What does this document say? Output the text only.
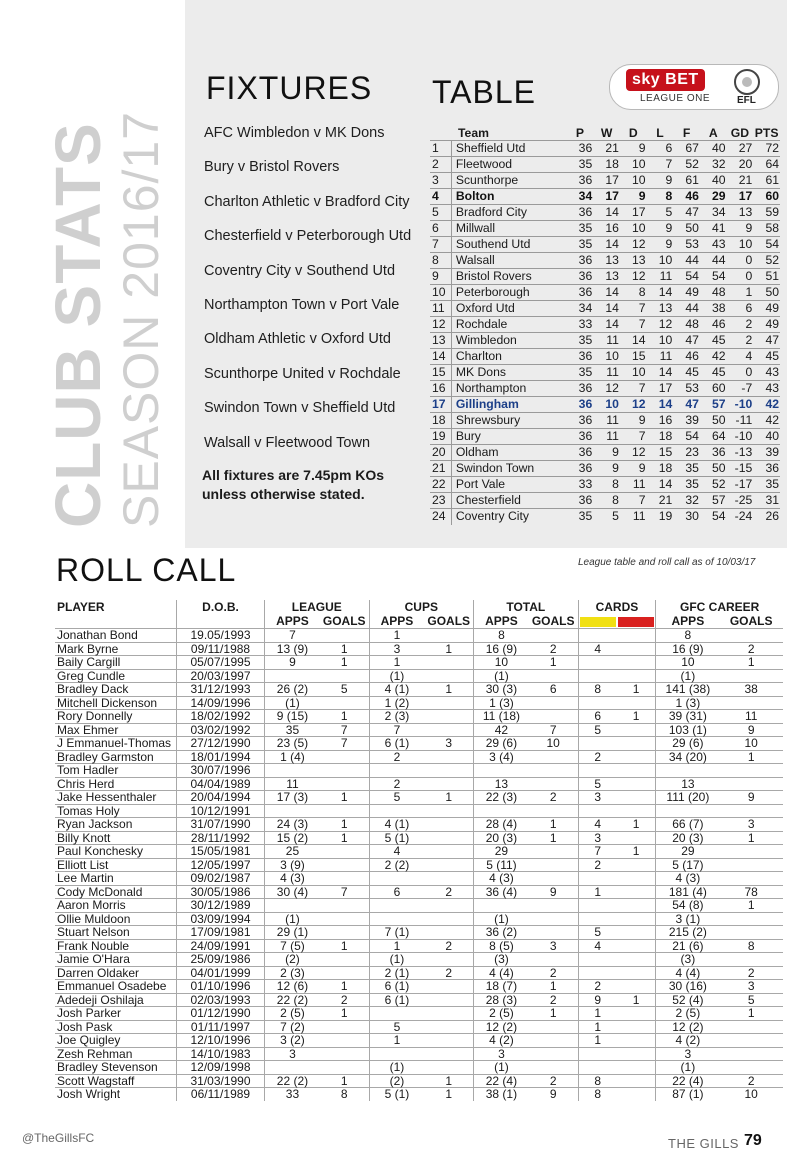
CLUB STATS SEASON 2016/17
FIXTURES
AFC Wimbledon v MK Dons
Bury v Bristol Rovers
Charlton Athletic v Bradford City
Chesterfield v Peterborough Utd
Coventry City v Southend Utd
Northampton Town v Port Vale
Oldham Athletic v Oxford Utd
Scunthorpe United v Rochdale
Swindon Town v Sheffield Utd
Walsall v Fleetwood Town
All fixtures are 7.45pm KOs unless otherwise stated.
TABLE	sky BET
LEAGUE ONE	EFL
Team		P	W	D	L	F	A	GD	PTS
1	Sheffield Utd	36	21	9	6	67	40	27	72
2	Fleetwood	35	18	10	7	52	32	20	64
3	Scunthorpe	36	17	10	9	61	40	21	61
4	Bolton	34	17	9	8	46	29	17	60
5	Bradford City	36	14	17	5	47	34	13	59
6	Millwall	35	16	10	9	50	41	9	58
7	Southend Utd	35	14	12	9	53	43	10	54
8	Walsall	36	13	13	10	44	44	0	52
9	Bristol Rovers	36	13	12	11	54	54	0	51
10	Peterborough	36	14	8	14	49	48	1	50
11	Oxford Utd	34	14	7	13	44	38	6	49
12	Rochdale	33	14	7	12	48	46	2	49
13	Wimbledon	35	11	14	10	47	45	2	47
14	Charlton	36	10	15	11	46	42	4	45
15	MK Dons	35	11	10	14	45	45	0	43
16	Northampton	36	12	7	17	53	60	-7	43
17	Gillingham	36	10	12	14	47	57	-10	42
18	Shrewsbury	36	11	9	16	39	50	-11	42
19	Bury	36	11	7	18	54	64	-10	40
20	Oldham	36	9	12	15	23	36	-13	39
21	Swindon Town	36	9	9	18	35	50	-15	36
22	Port Vale	33	8	11	14	35	52	-17	35
23	Chesterfield	36	8	7	21	32	57	-25	31
24	Coventry City	35	5	11	19	30	54	-24	26
ROLL CALL	League table and roll call as of 10/03/17
PLAYER	D.O.B.	LEAGUE		CUPS		TOTAL		CARDS		GFC CAREER	
		APPS	GOALS	APPS	GOALS	APPS	GOALS			APPS	GOALS
Jonathan Bond	19.05/1993	7		1		8				8	
Mark Byrne	09/11/1988	13 (9)	1	3	1	16 (9)	2	4		16 (9)	2
Baily Cargill	05/07/1995	9	1	1		10	1			10	1
Greg Cundle	20/03/1997			(1)		(1)				(1)	
Bradley Dack	31/12/1993	26 (2)	5	4 (1)	1	30 (3)	6	8	1	141 (38)	38
Mitchell Dickenson	14/09/1996	(1)		1 (2)		1 (3)				1 (3)	
Rory Donnelly	18/02/1992	9 (15)	1	2 (3)		11 (18)		6	1	39 (31)	11
Max Ehmer	03/02/1992	35	7	7		42	7	5		103 (1)	9
J Emmanuel-Thomas	27/12/1990	23 (5)	7	6 (1)	3	29 (6)	10			29 (6)	10
Bradley Garmston	18/01/1994	1 (4)		2		3 (4)		2		34 (20)	1
Tom Hadler	30/07/1996										
Chris Herd	04/04/1989	11		2		13		5		13	
Jake Hessenthaler	20/04/1994	17 (3)	1	5	1	22 (3)	2	3		111 (20)	9
Tomas Holy	10/12/1991										
Ryan Jackson	31/07/1990	24 (3)	1	4 (1)		28 (4)	1	4	1	66 (7)	3
Billy Knott	28/11/1992	15 (2)	1	5 (1)		20 (3)	1	3		20 (3)	1
Paul Konchesky	15/05/1981	25		4		29		7	1	29	
Elliott List	12/05/1997	3 (9)		2 (2)		5 (11)		2		5 (17)	
Lee Martin	09/02/1987	4 (3)				4 (3)				4 (3)	
Cody McDonald	30/05/1986	30 (4)	7	6	2	36 (4)	9	1		181 (4)	78
Aaron Morris	30/12/1989									54 (8)	1
Ollie Muldoon	03/09/1994	(1)				(1)				3 (1)	
Stuart Nelson	17/09/1981	29 (1)		7 (1)		36 (2)		5		215 (2)	
Frank Nouble	24/09/1991	7 (5)	1	1	2	8 (5)	3	4		21 (6)	8
Jamie O'Hara	25/09/1986	(2)		(1)		(3)				(3)	
Darren Oldaker	04/01/1999	2 (3)		2 (1)	2	4 (4)	2			4 (4)	2
Emmanuel Osadebe	01/10/1996	12 (6)	1	6 (1)		18 (7)	1	2		30 (16)	3
Adedeji Oshilaja	02/03/1993	22 (2)	2	6 (1)		28 (3)	2	9	1	52 (4)	5
Josh Parker	01/12/1990	2 (5)	1			2 (5)	1	1		2 (5)	1
Josh Pask	01/11/1997	7 (2)		5		12 (2)		1		12 (2)	
Joe Quigley	12/10/1996	3 (2)		1		4 (2)		1		4 (2)	
Zesh Rehman	14/10/1983	3				3				3	
Bradley Stevenson	12/09/1998			(1)		(1)				(1)	
Scott Wagstaff	31/03/1990	22 (2)	1	(2)	1	22 (4)	2	8		22 (4)	2
Josh Wright	06/11/1989	33	8	5 (1)	1	38 (1)	9	8		87 (1)	10
@TheGillsFC	THE GILLS 79
